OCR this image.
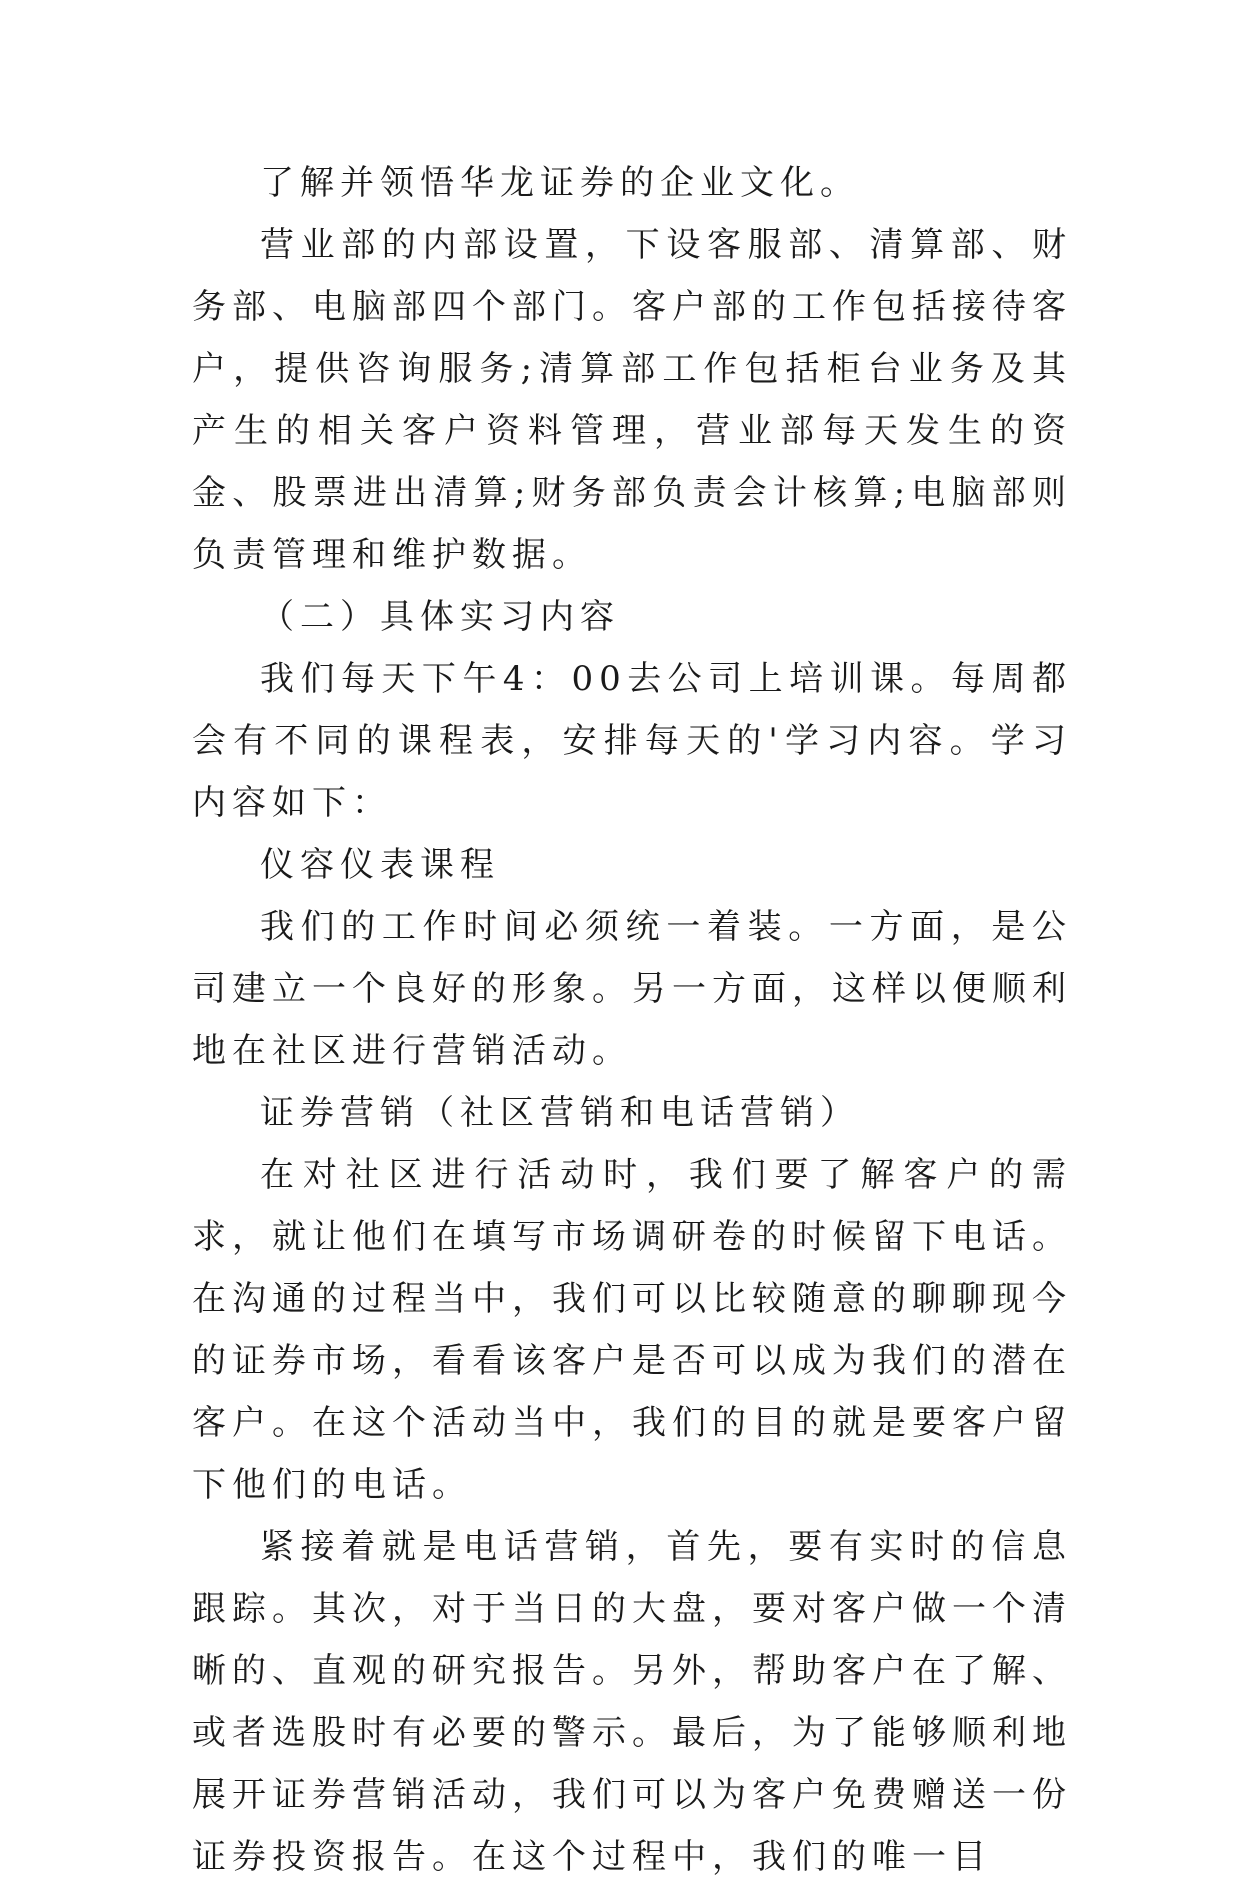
了解并领悟华龙证券的企业文化。

营业部的内部设置，下设客服部、清算部、财务部、电脑部四个部门。客户部的工作包括接待客户，提供咨询服务;清算部工作包括柜台业务及其产生的相关客户资料管理，营业部每天发生的资金、股票进出清算;财务部负责会计核算;电脑部则负责管理和维护数据。

（二）具体实习内容

我们每天下午4：00去公司上培训课。每周都会有不同的课程表，安排每天的'学习内容。学习内容如下：

仪容仪表课程

我们的工作时间必须统一着装。一方面，是公司建立一个良好的形象。另一方面，这样以便顺利地在社区进行营销活动。

证券营销（社区营销和电话营销）

在对社区进行活动时，我们要了解客户的需求，就让他们在填写市场调研卷的时候留下电话。在沟通的过程当中，我们可以比较随意的聊聊现今的证券市场，看看该客户是否可以成为我们的潜在客户。在这个活动当中，我们的目的就是要客户留下他们的电话。

紧接着就是电话营销，首先，要有实时的信息跟踪。其次，对于当日的大盘，要对客户做一个清晰的、直观的研究报告。另外，帮助客户在了解、或者选股时有必要的警示。最后，为了能够顺利地展开证券营销活动，我们可以为客户免费赠送一份证券投资报告。在这个过程中，我们的唯一目
